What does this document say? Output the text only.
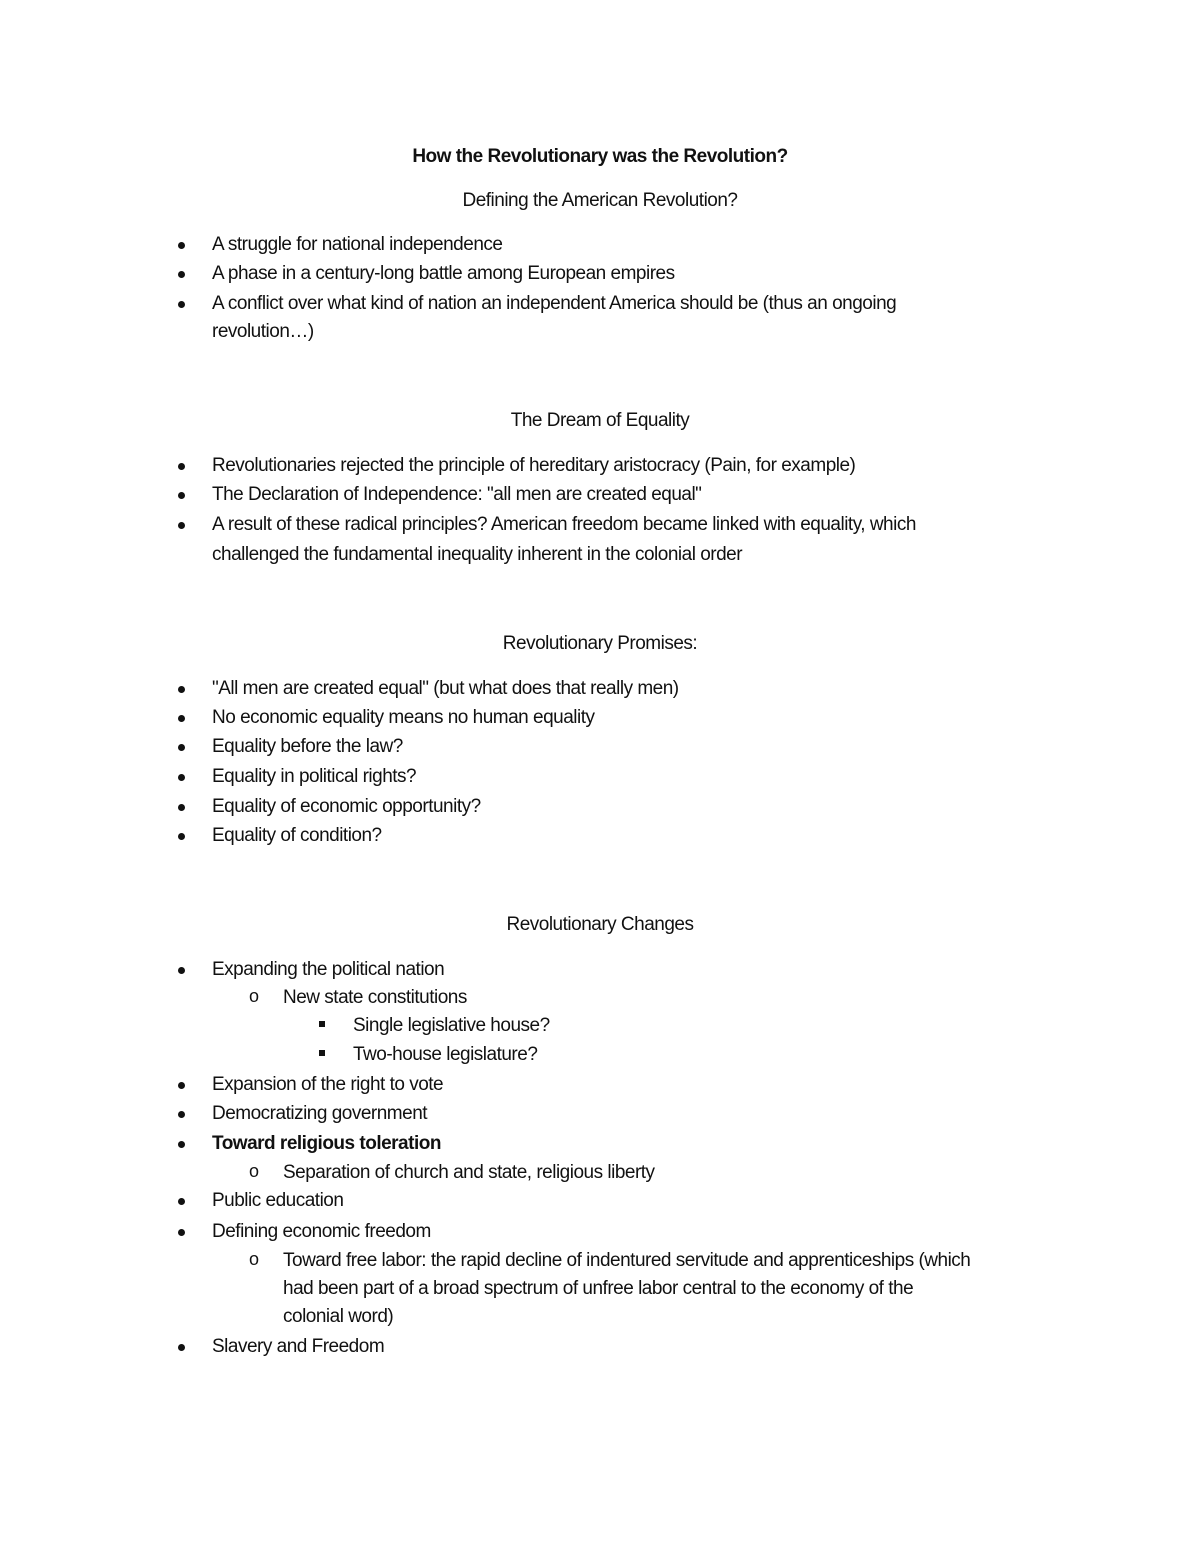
How the Revolutionary was the Revolution?
Defining the American Revolution?
A struggle for national independence
A phase in a century-long battle among European empires
A conflict over what kind of nation an independent America should be (thus an ongoing
revolution…)
The Dream of Equality
Revolutionaries rejected the principle of hereditary aristocracy (Pain, for example)
The Declaration of Independence: "all men are created equal"
A result of these radical principles? American freedom became linked with equality, which
challenged the fundamental inequality inherent in the colonial order
Revolutionary Promises:
"All men are created equal" (but what does that really men)
No economic equality means no human equality
Equality before the law?
Equality in political rights?
Equality of economic opportunity?
Equality of condition?
Revolutionary Changes
Expanding the political nation
o New state constitutions
Single legislative house?
Two-house legislature?
Expansion of the right to vote
Democratizing government
Toward religious toleration
o Separation of church and state, religious liberty
Public education
Defining economic freedom
o Toward free labor: the rapid decline of indentured servitude and apprenticeships (which
had been part of a broad spectrum of unfree labor central to the economy of the
colonial word)
Slavery and Freedom
